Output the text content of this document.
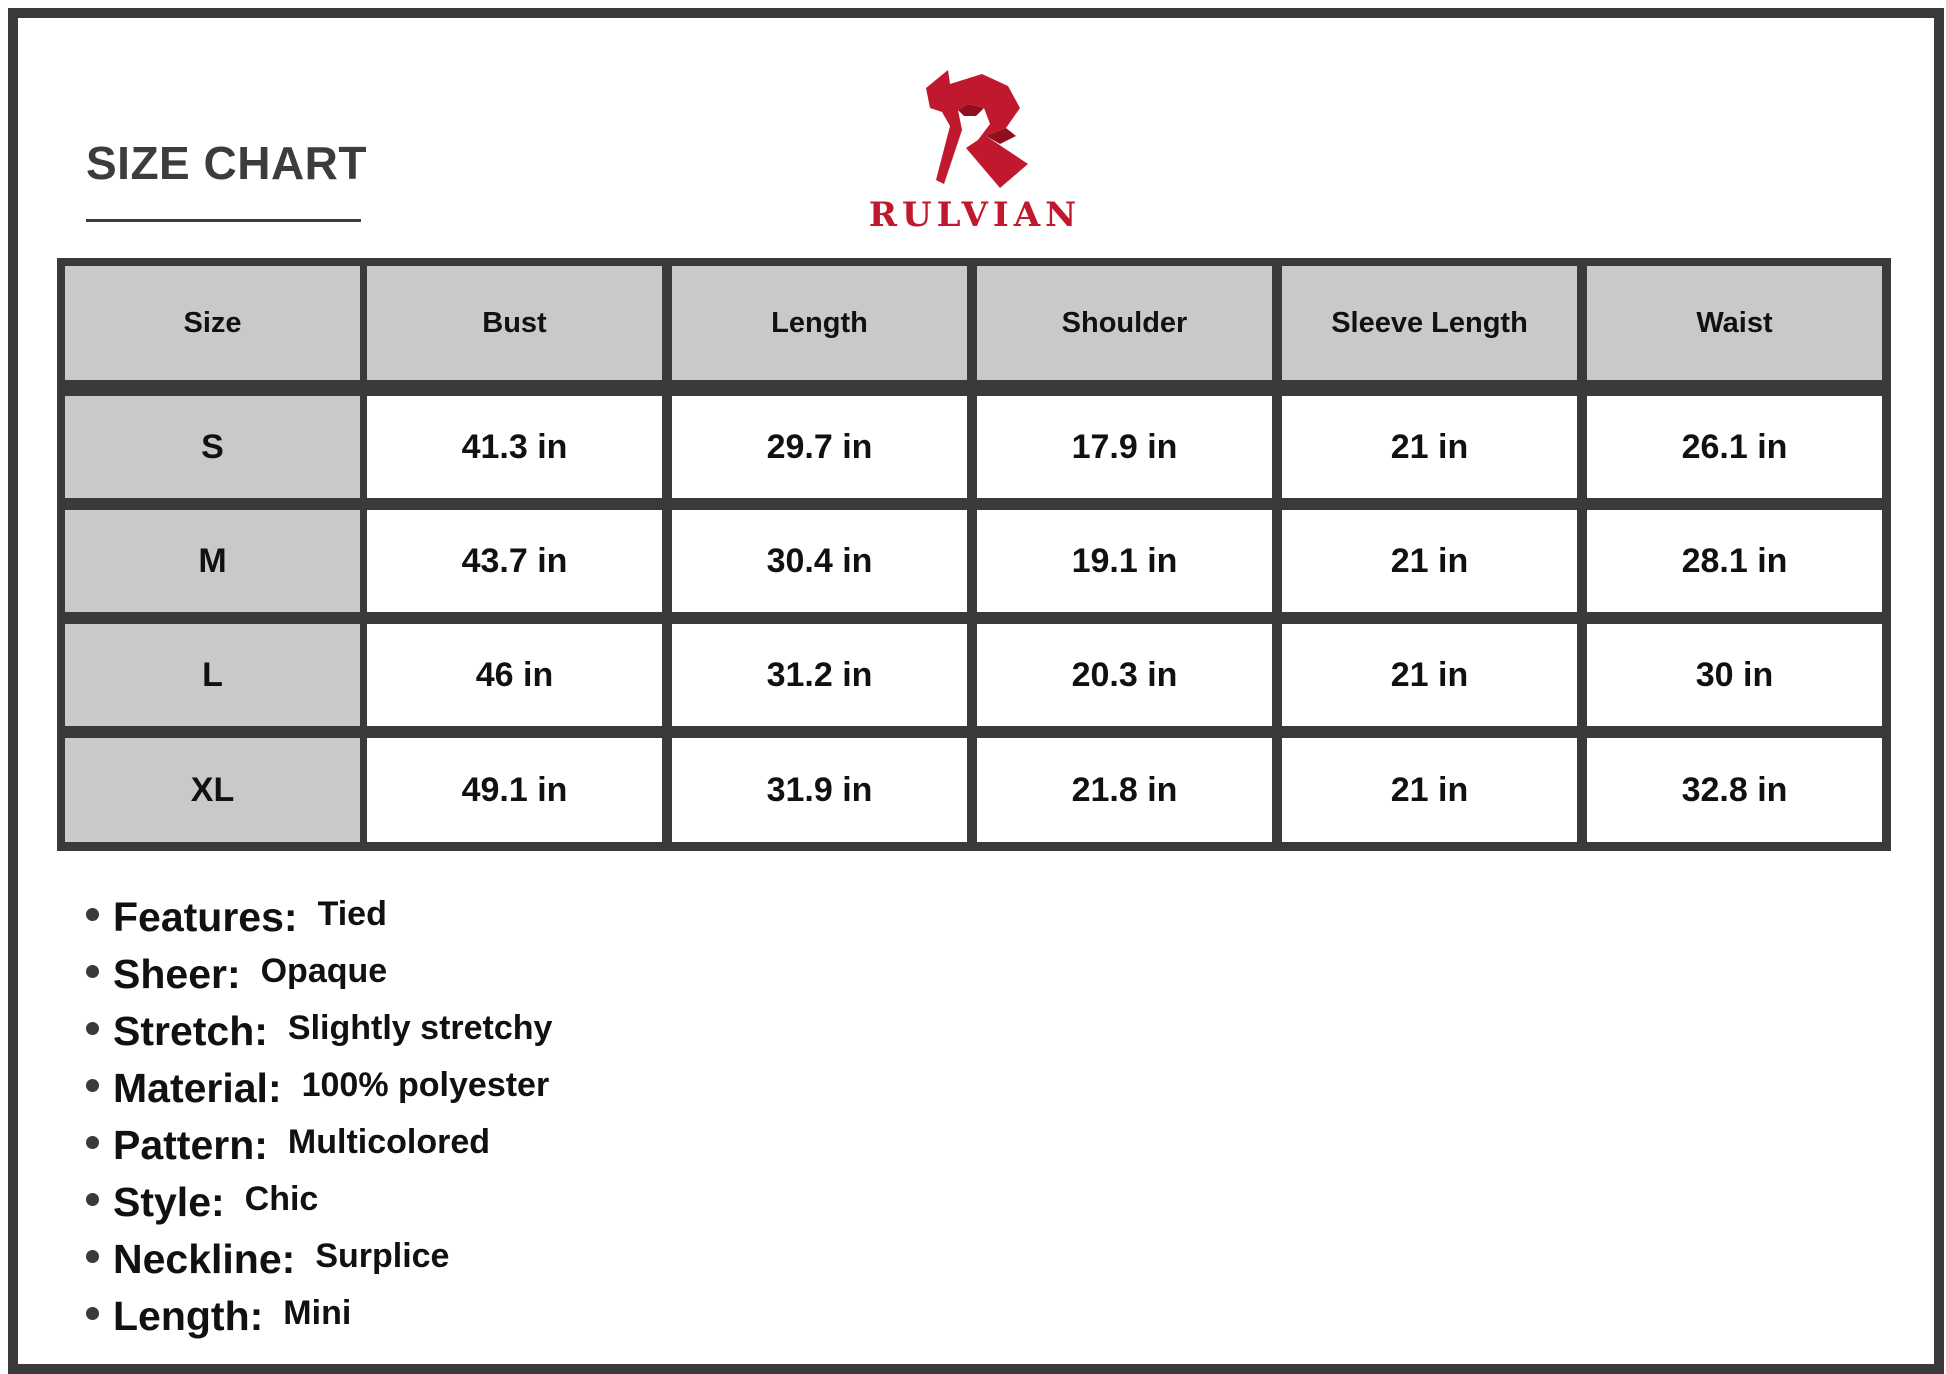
SIZE CHART
RULVIAN
Size	Bust	Length	Shoulder	Sleeve Length	Waist
S	41.3 in	29.7 in	17.9 in	21 in	26.1 in
M	43.7 in	30.4 in	19.1 in	21 in	28.1 in
L	46 in	31.2 in	20.3 in	21 in	30 in
XL	49.1 in	31.9 in	21.8 in	21 in	32.8 in
Features: Tied
Sheer: Opaque
Stretch: Slightly stretchy
Material: 100% polyester
Pattern: Multicolored
Style: Chic
Neckline: Surplice
Length: Mini
